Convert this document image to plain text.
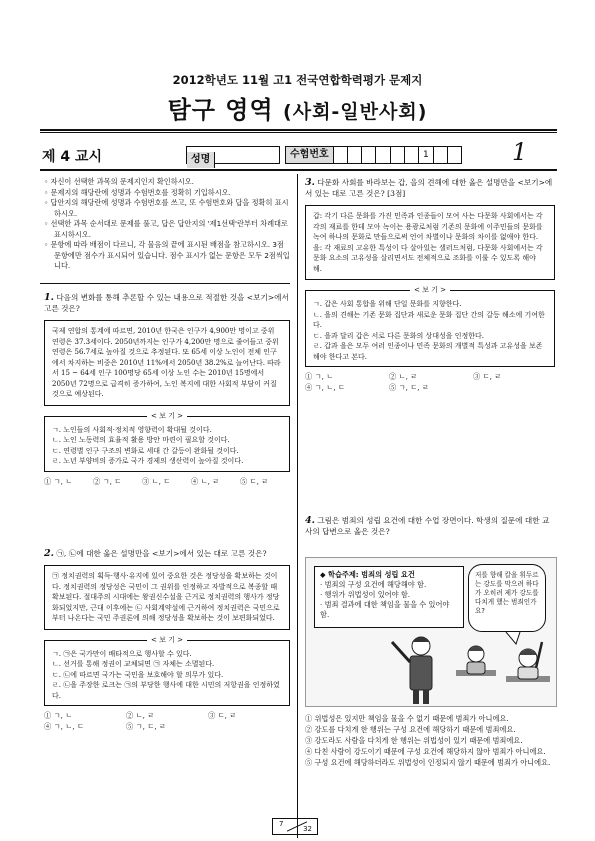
2012학년도 11월 고1 전국연합학력평가 문제지
탐구 영역 (사회-일반사회)
제 4 교시	성명	수험번호	1	1

◦ 자신이 선택한 과목의 문제지인지 확인하시오.

◦ 문제지의 해당란에 성명과 수험번호를 정확히 기입하시오.

◦ 답안지의 해당란에 성명과 수험번호를 쓰고, 또 수험번호와 답을 정확히 표시하시오.

◦ 선택한 과목 순서대로 문제를 풀고, 답은 답안지의 '제1선택'란부터 차례대로 표시하시오.

◦ 문항에 따라 배점이 다르니, 각 물음의 끝에 표시된 배점을 참고하시오. 3점 문항에만 점수가 표시되어 있습니다. 점수 표시가 없는 문항은 모두 2점씩입니다.

1. 다음의 변화를 통해 추론할 수 있는 내용으로 적절한 것을 <보기>에서 고른 것은?

국제 연합의 통계에 따르면, 2010년 한국은 인구가 4,900만 명이고 중위 연령은 37.3세이다. 2050년까지는 인구가 4,200만 명으로 줄어들고 중위 연령은 56.7세로 높아질 것으로 추정된다. 또 65세 이상 노인이 전체 인구에서 차지하는 비중은 2010년 11%에서 2050년 38.2%로 늘어난다. 따라서 15 ~ 64세 인구 100명당 65세 이상 노인 수는 2010년 15명에서 2050년 72명으로 급격히 증가하여, 노인 복지에 대한 사회적 부담이 커질 것으로 예상된다.
< 보 기 >

ㄱ. 노인들의 사회적·정치적 영향력이 확대될 것이다.

ㄴ. 노인 노동력의 효율적 활용 방안 마련이 필요할 것이다.

ㄷ. 연령별 인구 구조의 변화로 세대 간 갈등이 완화될 것이다.

ㄹ. 노년 부양비의 증가로 국가 경제의 생산력이 높아질 것이다.

① ㄱ, ㄴ	② ㄱ, ㄷ	③ ㄴ, ㄷ	④ ㄴ, ㄹ	⑤ ㄷ, ㄹ

2. ㉠, ㉡에 대한 옳은 설명만을 <보기>에서 있는 대로 고른 것은?

㉠ 정치권력의 획득·행사·유지에 있어 중요한 것은 정당성을 확보하는 것이다. 정치권력의 정당성은 국민이 그 권위를 인정하고 자발적으로 복종할 때 확보된다. 절대주의 시대에는 왕권신수설을 근거로 정치권력의 행사가 정당화되었지만, 근대 이후에는 ㉡ 사회계약설에 근거하여 정치권력은 국민으로부터 나온다는 국민 주권론에 의해 정당성을 확보하는 것이 보편화되었다.
< 보 기 >

ㄱ. ㉠은 국가만이 배타적으로 행사할 수 있다.

ㄴ. 선거를 통해 정권이 교체되면 ㉠ 자체는 소멸된다.

ㄷ. ㉡에 따르면 국가는 국민을 보호해야 할 의무가 있다.

ㄹ. ㉡을 주장한 로크는 ㉠의 부당한 행사에 대한 시민의 저항권을 인정하였다.

① ㄱ, ㄴ	② ㄴ, ㄹ	③ ㄷ, ㄹ
④ ㄱ, ㄴ, ㄷ	⑤ ㄱ, ㄷ, ㄹ

3. 다문화 사회를 바라보는 갑, 을의 견해에 대한 옳은 설명만을 <보기>에서 있는 대로 고른 것은? [3점]

갑: 각기 다른 문화를 가진 민족과 인종들이 모여 사는 다문화 사회에서는 각각의 재료를 한데 모아 녹이는 용광로처럼 기존의 문화에 이주민들의 문화를 녹여 하나의 문화로 만들으로써 언어 차별이나 문화의 차이를 없애야 한다.

을: 각 재료의 고유한 특성이 다 살아있는 샐러드처럼, 다문화 사회에서는 각 문화 요소의 고유성을 살리면서도 전체적으로 조화를 이룰 수 있도록 해야 해.

< 보 기 >

ㄱ. 갑은 사회 통합을 위해 단일 문화를 지향한다.

ㄴ. 을의 견해는 기존 문화 집단과 새로운 문화 집단 간의 갈등 해소에 기여한다.

ㄷ. 을과 달리 갑은 서로 다른 문화의 상대성을 인정한다.

ㄹ. 갑과 을은 모두 여러 인종이나 민족 문화의 개별적 특성과 고유성을 보존해야 한다고 본다.

① ㄱ, ㄴ	② ㄴ, ㄹ	③ ㄷ, ㄹ
④ ㄱ, ㄴ, ㄷ	⑤ ㄱ, ㄷ, ㄹ

4. 그림은 범죄의 성립 요건에 대한 수업 장면이다. 학생의 질문에 대한 교사의 답변으로 옳은 것은?

◆ 학습주제: 범죄의 성립 요건

· 범죄의 구성 요건에 해당해야 함.

· 행위가 위법성이 있어야 함.

· 범죄 결과에 대한 책임을 물을 수 있어야 함.

저를 향해 칼을 휘두르는 강도를 막으려 하다가 오히려 제가 강도를 다치게 했는 범죄인가요?

① 위법성은 있지만 책임을 물을 수 없기 때문에 범죄가 아니에요.

② 강도를 다치게 한 행위는 구성 요건에 해당하기 때문에 범죄에요.

③ 강도라도 사람을 다치게 한 행위는 위법성이 있기 때문에 범죄에요.

④ 다친 사람이 강도이기 때문에 구성 요건에 해당하지 않아 범죄가 아니에요.

⑤ 구성 요건에 해당하더라도 위법성이 인정되지 않기 때문에 범죄가 아니에요.

7
32
